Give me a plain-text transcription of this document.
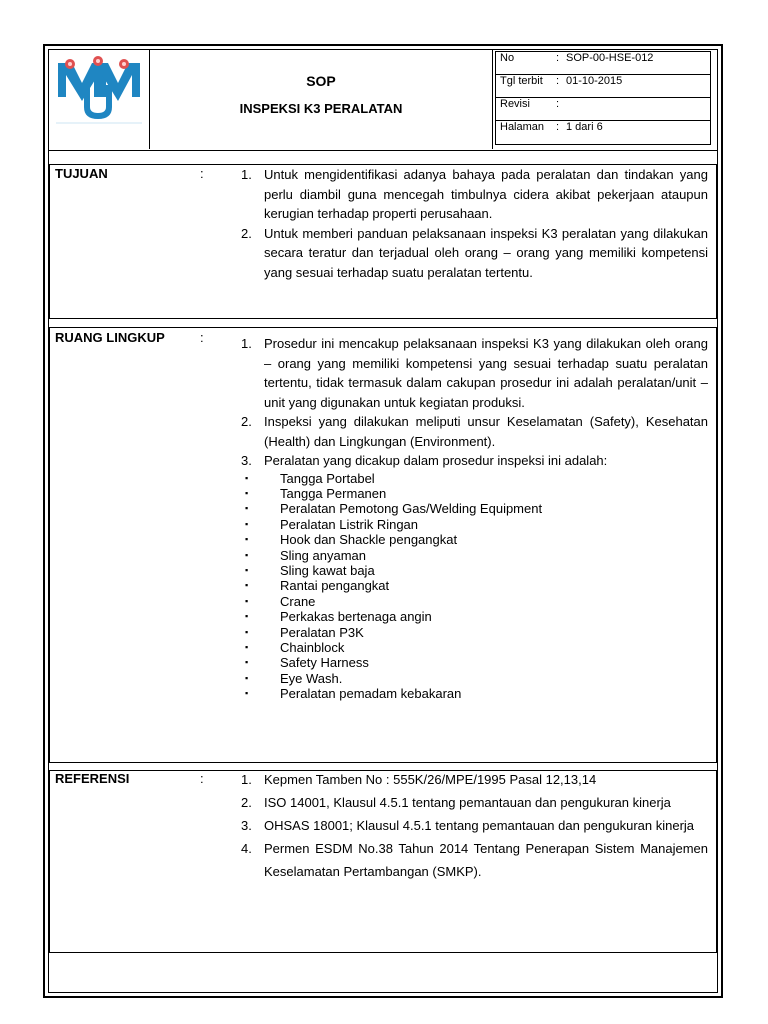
SOP
INSPEKSI K3 PERALATAN
No	: SOP-00-HSE-012
Tgl terbit : 01-10-2015
Revisi :
Halaman : 1 dari 6
TUJUAN	:	1. Untuk mengidentifikasi adanya bahaya pada peralatan dan tindakan yang perlu diambil guna mencegah timbulnya cidera akibat pekerjaan ataupun kerugian terhadap properti perusahaan.
2. Untuk memberi panduan pelaksanaan inspeksi K3 peralatan yang dilakukan secara teratur dan terjadual oleh orang – orang yang memiliki kompetensi yang sesuai terhadap suatu peralatan tertentu.
RUANG LINGKUP	:	1. Prosedur ini mencakup pelaksanaan inspeksi K3 yang dilakukan oleh orang – orang yang memiliki kompetensi yang sesuai terhadap suatu peralatan tertentu, tidak termasuk dalam cakupan prosedur ini adalah peralatan/unit – unit yang digunakan untuk kegiatan produksi.
2. Inspeksi yang dilakukan meliputi unsur Keselamatan (Safety), Kesehatan (Health) dan Lingkungan (Environment).
3. Peralatan yang dicakup dalam prosedur inspeksi ini adalah:
▪ Tangga Portabel
▪ Tangga Permanen
▪ Peralatan Pemotong Gas/Welding Equipment
▪ Peralatan Listrik Ringan
▪ Hook dan Shackle pengangkat
▪ Sling anyaman
▪ Sling kawat baja
▪ Rantai pengangkat
▪ Crane
▪ Perkakas bertenaga angin
▪ Peralatan P3K
▪ Chainblock
▪ Safety Harness
▪ Eye Wash.
▪ Peralatan pemadam kebakaran
REFERENSI	:	1. Kepmen Tamben No : 555K/26/MPE/1995 Pasal 12,13,14
2. ISO 14001, Klausul 4.5.1 tentang pemantauan dan pengukuran kinerja
3. OHSAS 18001; Klausul 4.5.1 tentang pemantauan dan pengukuran kinerja
4. Permen ESDM No.38 Tahun 2014 Tentang Penerapan Sistem Manajemen Keselamatan Pertambangan (SMKP).
